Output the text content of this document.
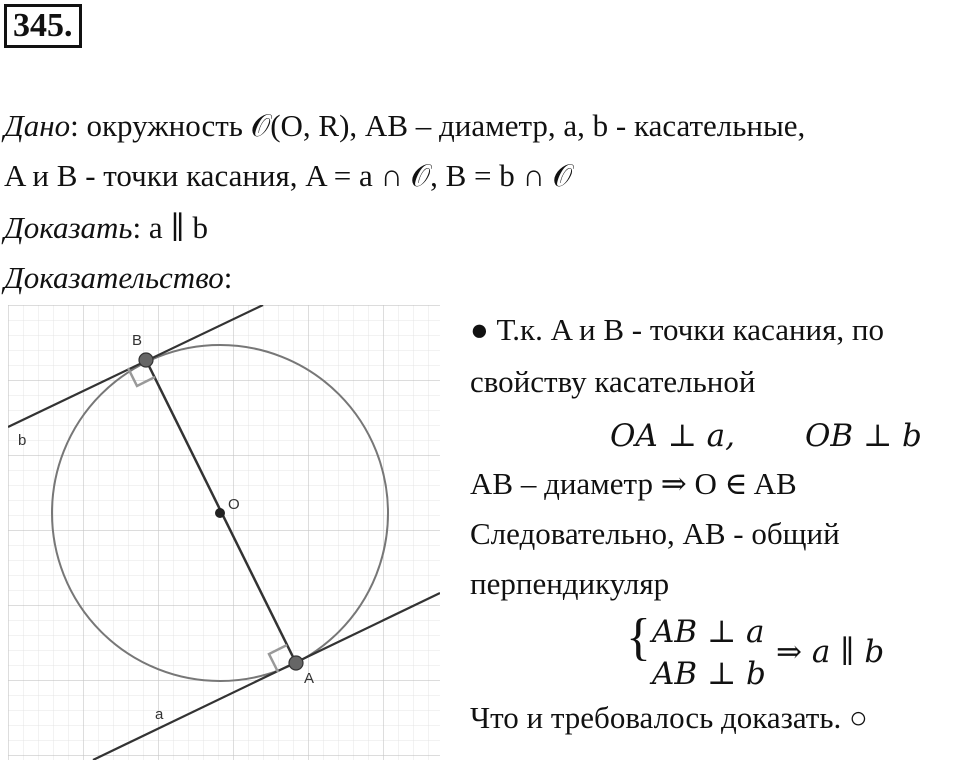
345.
Дано: окружность 𝒪(O, R), AB – диаметр, a, b - касательные,
A и B - точки касания, A = a ∩ 𝒪, B = b ∩ 𝒪
Доказать: a ∥ b
Доказательство:
B
O
A
b
a
● Т.к. A и B - точки касания, по
свойству касательной
OA ⊥ a, OB ⊥ b
AB – диаметр ⇒ O ∈ AB
Следовательно, AB - общий
перпендикуляр
{ AB ⊥ a
AB ⊥ b
⇒ a ∥ b
Что и требовалось доказать. ○
